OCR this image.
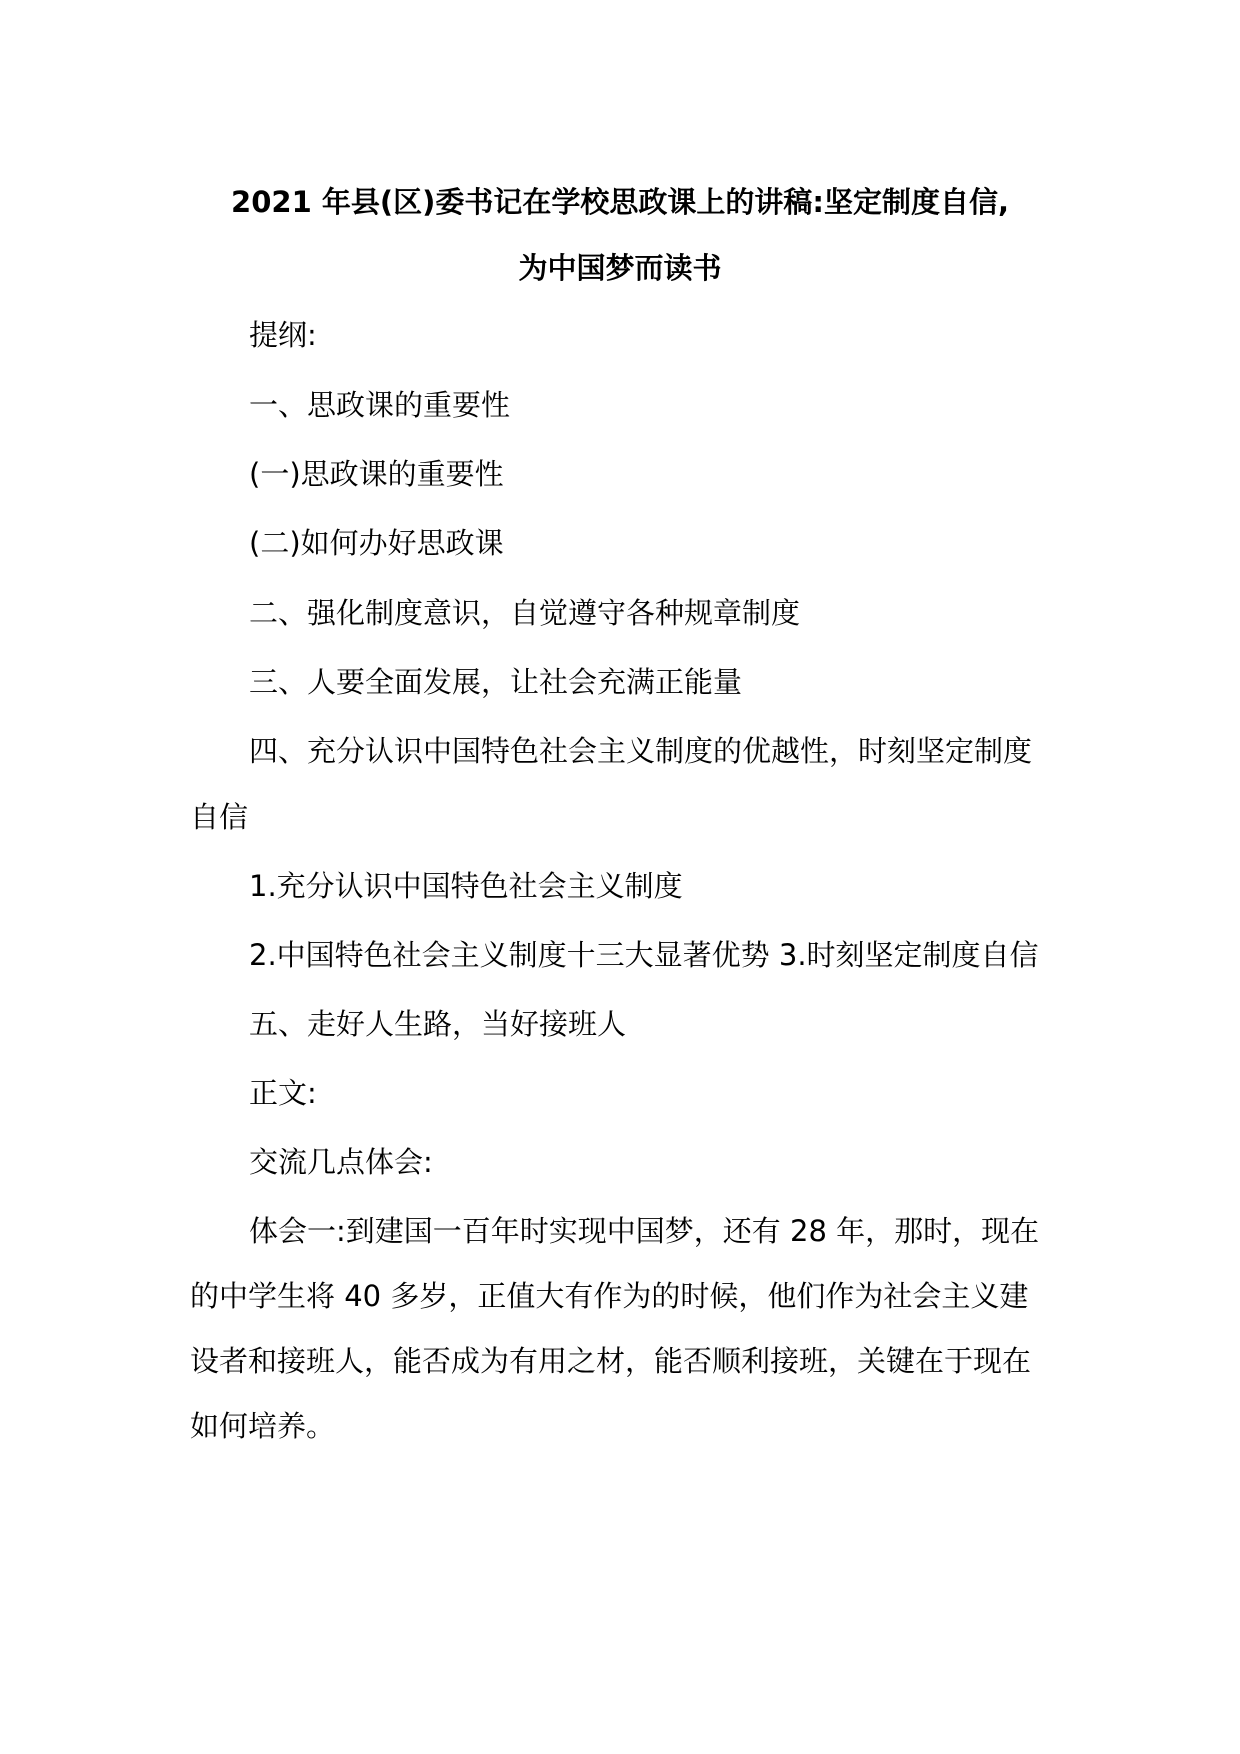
2021 年县(区)委书记在学校思政课上的讲稿:坚定制度自信,
为中国梦而读书

提纲:

一、思政课的重要性

(一)思政课的重要性

(二)如何办好思政课

二、强化制度意识，自觉遵守各种规章制度

三、人要全面发展，让社会充满正能量

四、充分认识中国特色社会主义制度的优越性，时刻坚定制度

自信

1.充分认识中国特色社会主义制度

2.中国特色社会主义制度十三大显著优势 3.时刻坚定制度自信

五、走好人生路，当好接班人

正文:

交流几点体会:

体会一:到建国一百年时实现中国梦，还有 28 年，那时，现在

的中学生将 40 多岁，正值大有作为的时候，他们作为社会主义建

设者和接班人，能否成为有用之材，能否顺利接班，关键在于现在

如何培养。
